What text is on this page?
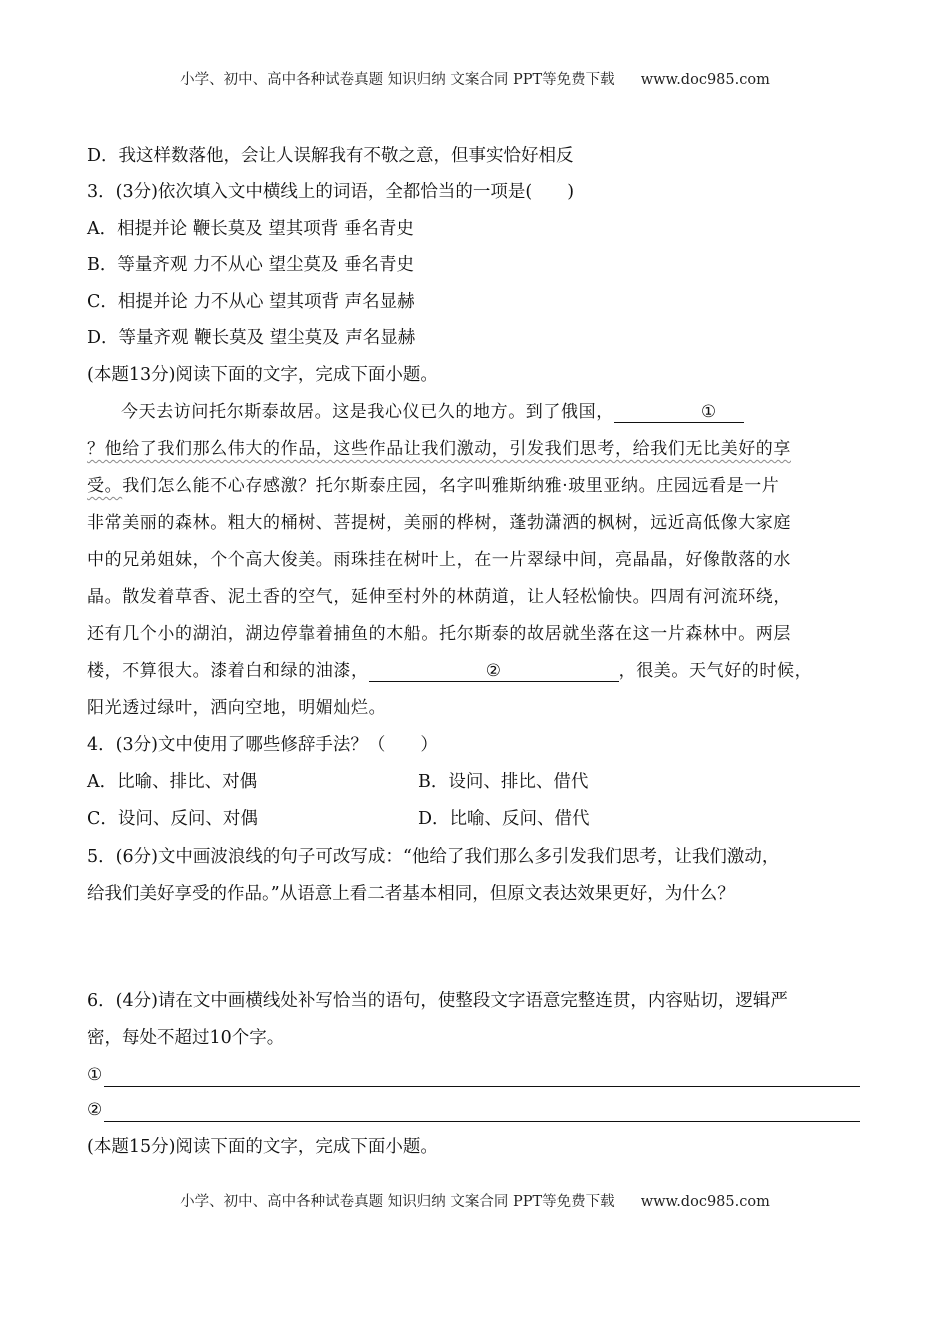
小学、初中、高中各种试卷真题 知识归纳 文案合同 PPT等免费下载 www.doc985.com
D．我这样数落他，会让人误解我有不敬之意，但事实恰好相反
3．(3分)依次填入文中横线上的词语，全都恰当的一项是(　　)
A．相提并论 鞭长莫及 望其项背 垂名青史
B．等量齐观 力不从心 望尘莫及 垂名青史
C．相提并论 力不从心 望其项背 声名显赫
D．等量齐观 鞭长莫及 望尘莫及 声名显赫
(本题13分)阅读下面的文字，完成下面小题。
今天去访问托尔斯泰故居。这是我心仪已久的地方。到了俄国，	①
？他给了我们那么伟大的作品，这些作品让我们激动，引发我们思考，给我们无比美好的享
受。我们怎么能不心存感激？托尔斯泰庄园，名字叫雅斯纳雅·玻里亚纳。庄园远看是一片
非常美丽的森林。粗大的桶树、菩提树，美丽的桦树，蓬勃潇洒的枫树，远近高低像大家庭
中的兄弟姐妹，个个高大俊美。雨珠挂在树叶上，在一片翠绿中间，亮晶晶，好像散落的水
晶。散发着草香、泥土香的空气，延伸至村外的林荫道，让人轻松愉快。四周有河流环绕，
还有几个小的湖泊，湖边停靠着捕鱼的木船。托尔斯泰的故居就坐落在这一片森林中。两层
楼，不算很大。漆着白和绿的油漆，	②	，很美。天气好的时候，
阳光透过绿叶，洒向空地，明媚灿烂。
4．(3分)文中使用了哪些修辞手法？（　　）
A．比喻、排比、对偶	B．设问、排比、借代
C．设问、反问、对偶	D．比喻、反问、借代
5．(6分)文中画波浪线的句子可改写成：“他给了我们那么多引发我们思考，让我们激动，
给我们美好享受的作品。”从语意上看二者基本相同，但原文表达效果更好，为什么？
6．(4分)请在文中画横线处补写恰当的语句，使整段文字语意完整连贯，内容贴切，逻辑严
密，每处不超过10个字。
①
②
(本题15分)阅读下面的文字，完成下面小题。
小学、初中、高中各种试卷真题 知识归纳 文案合同 PPT等免费下载 www.doc985.com
